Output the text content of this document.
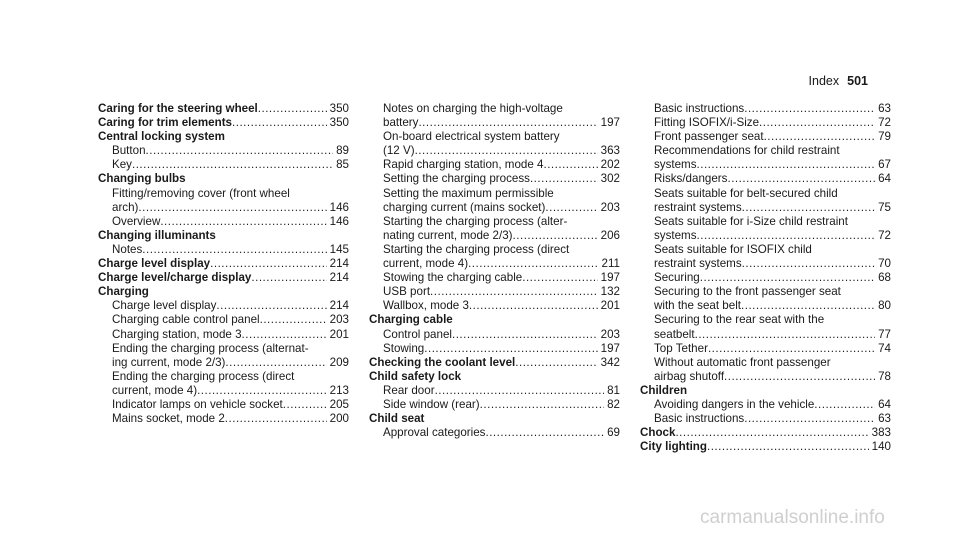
Index 501
Caring for the steering wheel .....	350
Caring for trim elements .....	350
Central locking system
Button .....	89
Key .....	85
Changing bulbs
Fitting/removing cover (front wheel
arch) .....	146
Overview .....	146
Changing illuminants
Notes .....	145
Charge level display .....	214
Charge level/charge display .....	214
Charging
Charge level display .....	214
Charging cable control panel .....	203
Charging station, mode 3 .....	201
Ending the charging process (alternat-
ing current, mode 2/3) .....	209
Ending the charging process (direct
current, mode 4) .....	213
Indicator lamps on vehicle socket .....	205
Mains socket, mode 2 .....	200
Notes on charging the high-voltage
battery .....	197
On-board electrical system battery
(12 V) .....	363
Rapid charging station, mode 4 .....	202
Setting the charging process .....	302
Setting the maximum permissible
charging current (mains socket) .....	203
Starting the charging process (alter-
nating current, mode 2/3) .....	206
Starting the charging process (direct
current, mode 4) .....	211
Stowing the charging cable .....	197
USB port .....	132
Wallbox, mode 3 .....	201
Charging cable
Control panel .....	203
Stowing .....	197
Checking the coolant level .....	342
Child safety lock
Rear door .....	81
Side window (rear) .....	82
Child seat
Approval categories .....	69
Basic instructions .....	63
Fitting ISOFIX/i-Size .....	72
Front passenger seat .....	79
Recommendations for child restraint
systems .....	67
Risks/dangers .....	64
Seats suitable for belt-secured child
restraint systems .....	75
Seats suitable for i-Size child restraint
systems .....	72
Seats suitable for ISOFIX child
restraint systems .....	70
Securing .....	68
Securing to the front passenger seat
with the seat belt .....	80
Securing to the rear seat with the
seatbelt .....	77
Top Tether .....	74
Without automatic front passenger
airbag shutoff .....	78
Children
Avoiding dangers in the vehicle .....	64
Basic instructions .....	63
Chock .....	383
City lighting .....	140
carmanualsonline.info
